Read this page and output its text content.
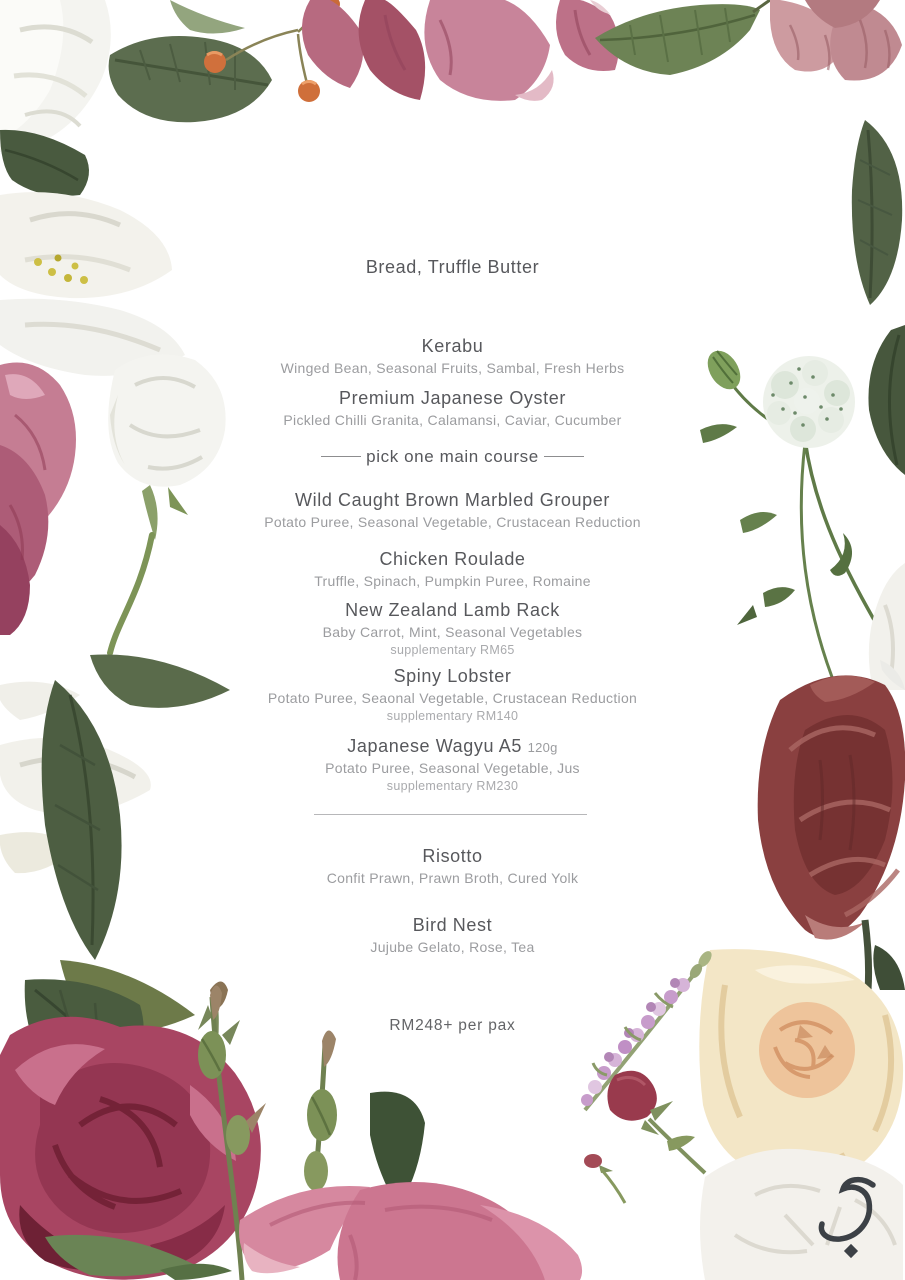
Bread, Truffle Butter
Kerabu
Winged Bean, Seasonal Fruits, Sambal, Fresh Herbs
Premium Japanese Oyster
Pickled Chilli Granita, Calamansi, Caviar, Cucumber
pick one main course
Wild Caught Brown Marbled Grouper
Potato Puree, Seasonal Vegetable, Crustacean Reduction
Chicken Roulade
Truffle, Spinach, Pumpkin Puree, Romaine
New Zealand Lamb Rack
Baby Carrot, Mint, Seasonal Vegetables
supplementary RM65
Spiny Lobster
Potato Puree, Seaonal Vegetable, Crustacean Reduction
supplementary RM140
Japanese Wagyu A5 120g
Potato Puree, Seasonal Vegetable, Jus
supplementary RM230
Risotto
Confit Prawn, Prawn Broth, Cured Yolk
Bird Nest
Jujube Gelato, Rose, Tea
RM248+ per pax
